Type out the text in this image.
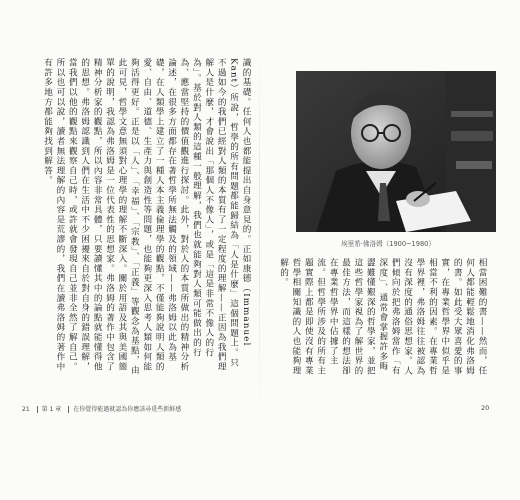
識的基礎。任何人也都能提出自身意見的。正如康德（Immanuel Kant）所說，哲學的所有問題都能歸結為「人是什麼」這個問題上。只不過如今的我們已經對人類的本質有了一定程度的理解——正因為我們理解人是什麼，才會說出「那個人不像人」，或是「這是非常不像人的行為」。基於對人類的這種一般理解，我們也就能夠對人類可能做出的行為、應當堅持的價值觀進行探討。此外，對於人的本質所做出的精神分析論述，在很多方面都存在著哲學所無法觸及的領域——弗洛姆以此為基礎，在人類學上建立了一種人本主義倫理學的觀點，不僅能夠說明人類的愛、自由、道德、生產力與創造性等問題，也能夠更深入思考人類如何能夠活得更好。正是以「人」、「幸福」、「宗教」、「正義」等觀念為基點，由此可見，哲學文意無須對心理學的理解不斷深入。關於用語及其與美國簡單的說明，我認為弗洛姆是一位代表性的思想家。弗洛姆的著作中包含了精神分析家的觀點，所以內容非常具體，只要讀懂其中的論點就能懂得他的思想。弗洛姆認識到人們在生活中不少困擾來自於對自身的錯誤理解，當我們以他的觀點來觀察自己時，或許就會發現自己並非全然了解自己。所以也可以說，讀者無法理解的內容是荒謬的，我們在讀弗洛姆的著作中有許多地方都能夠找到解答。
埃里希·佛洛姆（1900~1980）
相當困難的書——然而，任何人都能輕鬆地消化弗洛姆的書。如此受大眾喜愛的事實，在專業哲學界中似乎是相當不利的因素。在專業哲學界裡，弗洛姆往往被認為沒有深度的通俗思想家。人們傾向於把弗洛姆當作「有深度」、通常會掌握許多晦澀難懂艱深的哲學家，並把這些哲學家視為了解世界的最佳方法，而這樣的想法卻在專業哲學界中佔據了主流。但哲學所涉及的所有主題實際上都是即使沒有專業哲學相關知識的人也能夠理解的。
21 第 1 章 在你覺得能過就認為你應該尋覓些新鮮感	20
